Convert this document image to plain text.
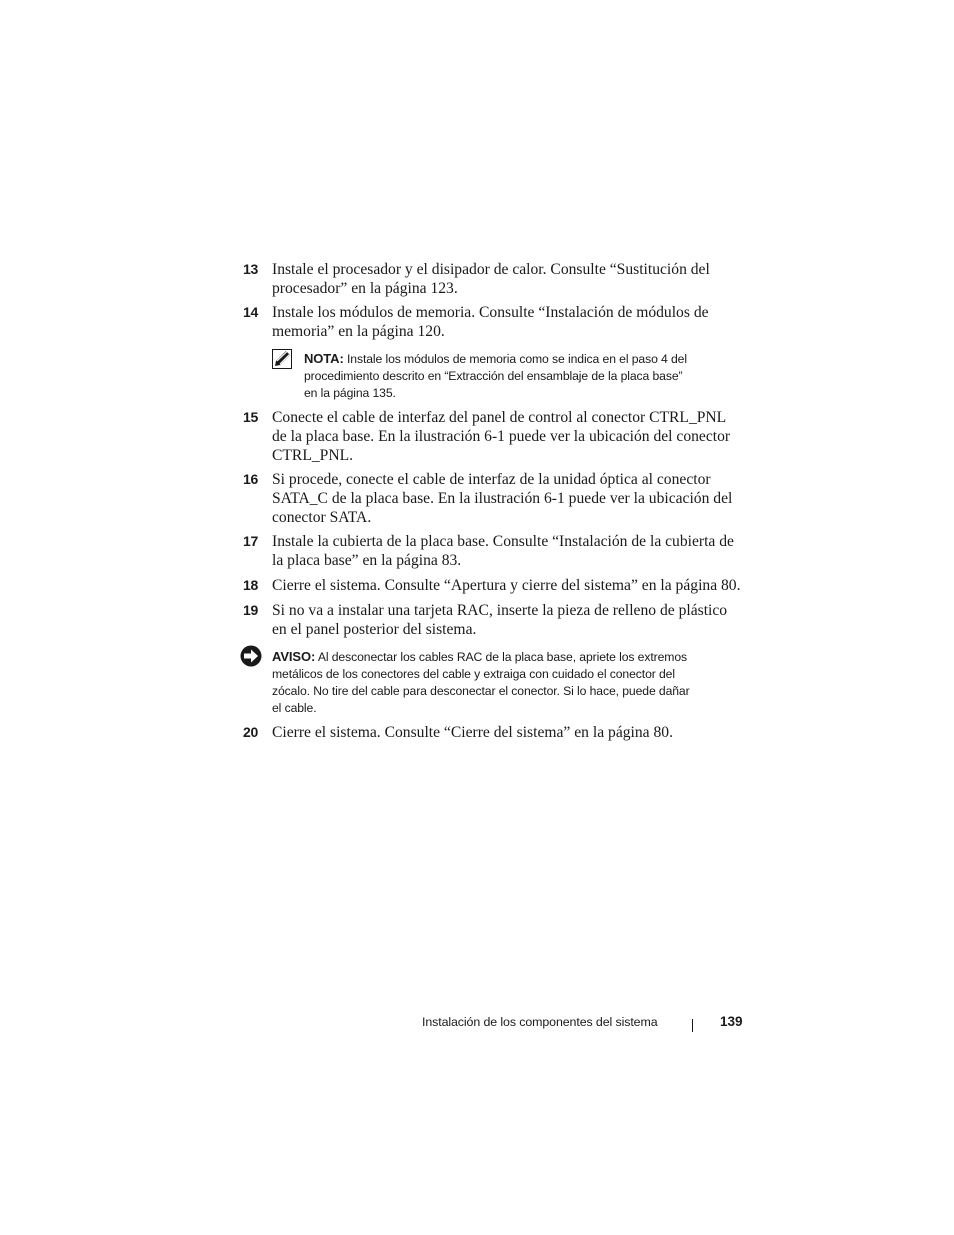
13 Instale el procesador y el disipador de calor. Consulte “Sustitución del
procesador” en la página 123.
14 Instale los módulos de memoria. Consulte “Instalación de módulos de
memoria” en la página 120.
NOTA: Instale los módulos de memoria como se indica en el paso 4 del
procedimiento descrito en “Extracción del ensamblaje de la placa base”
en la página 135.
15 Conecte el cable de interfaz del panel de control al conector CTRL_PNL
de la placa base. En la ilustración 6-1 puede ver la ubicación del conector
CTRL_PNL.
16 Si procede, conecte el cable de interfaz de la unidad óptica al conector
SATA_C de la placa base. En la ilustración 6-1 puede ver la ubicación del
conector SATA.
17 Instale la cubierta de la placa base. Consulte “Instalación de la cubierta de
la placa base” en la página 83.
18 Cierre el sistema. Consulte “Apertura y cierre del sistema” en la página 80.
19 Si no va a instalar una tarjeta RAC, inserte la pieza de relleno de plástico
en el panel posterior del sistema.
AVISO: Al desconectar los cables RAC de la placa base, apriete los extremos
metálicos de los conectores del cable y extraiga con cuidado el conector del
zócalo. No tire del cable para desconectar el conector. Si lo hace, puede dañar
el cable.
20 Cierre el sistema. Consulte “Cierre del sistema” en la página 80.
Instalación de los componentes del sistema	139
